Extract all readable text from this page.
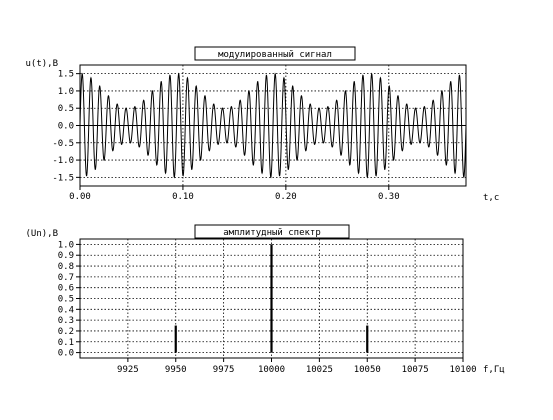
модулированный сигнал
u(t),В
t,c
амплитудный спектр
(Un),В
f,Гц
1.5
1.0
0.5
0.0
-0.5
-1.0
-1.5
0.00	0.10	0.20	0.30
1.0
0.9
0.8
0.7
0.6
0.5
0.4
0.3
0.2
0.1
0.0
9925	9950	9975	10000 10025 10050 10075 10100
